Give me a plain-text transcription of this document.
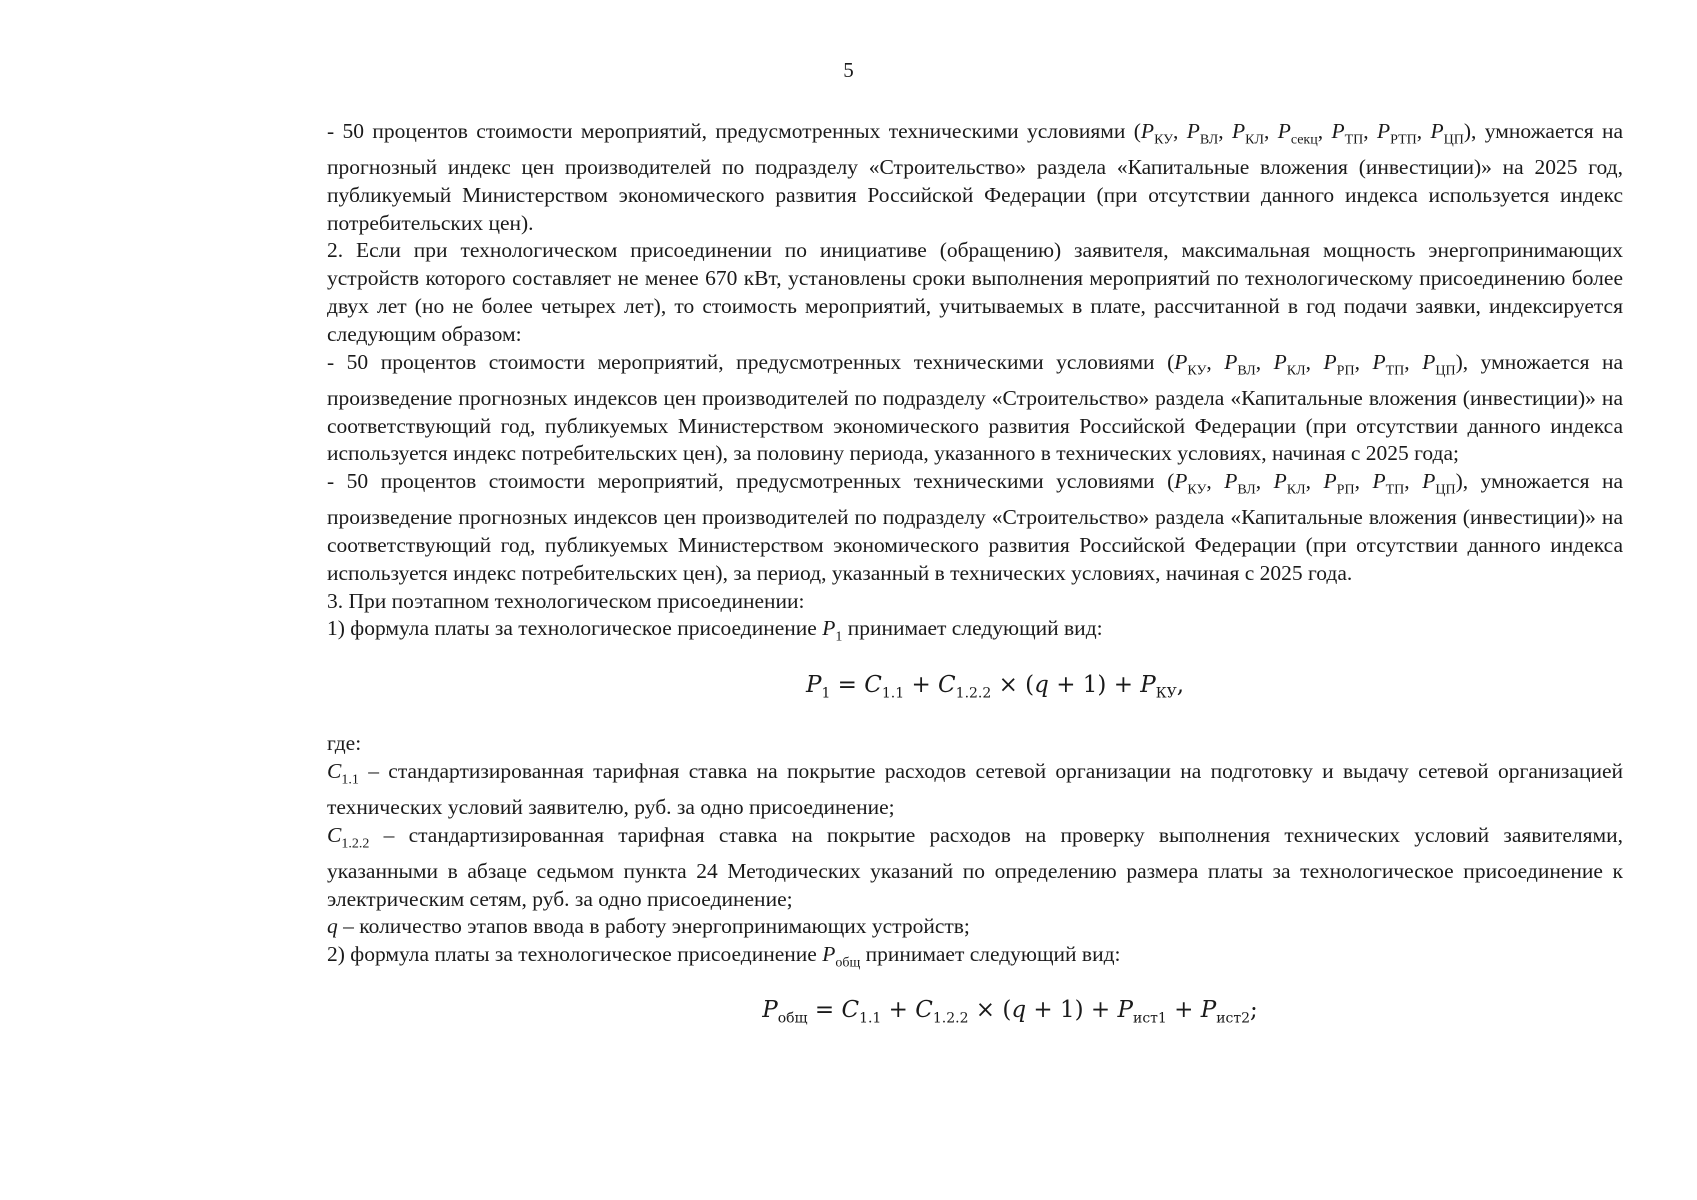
5

- 50 процентов стоимости мероприятий, предусмотренных техническими условиями ($P_{КУ}$, $P_{ВЛ}$, $P_{КЛ}$, $P_{секц}$, $P_{ТП}$, $P_{РТП}$, $P_{ЦП}$), умножается на прогнозный индекс цен производителей по подразделу «Строительство» раздела «Капитальные вложения (инвестиции)» на 2025 год, публикуемый Министерством экономического развития Российской Федерации (при отсутствии данного индекса используется индекс потребительских цен).

2. Если при технологическом присоединении по инициативе (обращению) заявителя, максимальная мощность энергопринимающих устройств которого составляет не менее 670 кВт, установлены сроки выполнения мероприятий по технологическому присоединению более двух лет (но не более четырех лет), то стоимость мероприятий, учитываемых в плате, рассчитанной в год подачи заявки, индексируется следующим образом:

- 50 процентов стоимости мероприятий, предусмотренных техническими условиями ($P_{КУ}$, $P_{ВЛ}$, $P_{КЛ}$, $P_{РП}$, $P_{ТП}$, $P_{ЦП}$), умножается на произведение прогнозных индексов цен производителей по подразделу «Строительство» раздела «Капитальные вложения (инвестиции)» на соответствующий год, публикуемых Министерством экономического развития Российской Федерации (при отсутствии данного индекса используется индекс потребительских цен), за половину периода, указанного в технических условиях, начиная с 2025 года;

- 50 процентов стоимости мероприятий, предусмотренных техническими условиями ($P_{КУ}$, $P_{ВЛ}$, $P_{КЛ}$, $P_{РП}$, $P_{ТП}$, $P_{ЦП}$), умножается на произведение прогнозных индексов цен производителей по подразделу «Строительство» раздела «Капитальные вложения (инвестиции)» на соответствующий год, публикуемых Министерством экономического развития Российской Федерации (при отсутствии данного индекса используется индекс потребительских цен), за период, указанный в технических условиях, начиная с 2025 года.

3. При поэтапном технологическом присоединении:

1) формула платы за технологическое присоединение $P_1$ принимает следующий вид:

$P_1 = C_{1.1} + C_{1.2.2} \times (q + 1) + P_{КУ}$,

где:

$C_{1.1}$ – стандартизированная тарифная ставка на покрытие расходов сетевой организации на подготовку и выдачу сетевой организацией технических условий заявителю, руб. за одно присоединение;

$C_{1.2.2}$ – стандартизированная тарифная ставка на покрытие расходов на проверку выполнения технических условий заявителями, указанными в абзаце седьмом пункта 24 Методических указаний по определению размера платы за технологическое присоединение к электрическим сетям, руб. за одно присоединение;

q – количество этапов ввода в работу энергопринимающих устройств;

2) формула платы за технологическое присоединение $P_{общ}$ принимает следующий вид:

$P_{общ} = C_{1.1} + C_{1.2.2} \times (q + 1) + P_{ист1} + P_{ист2}$;
